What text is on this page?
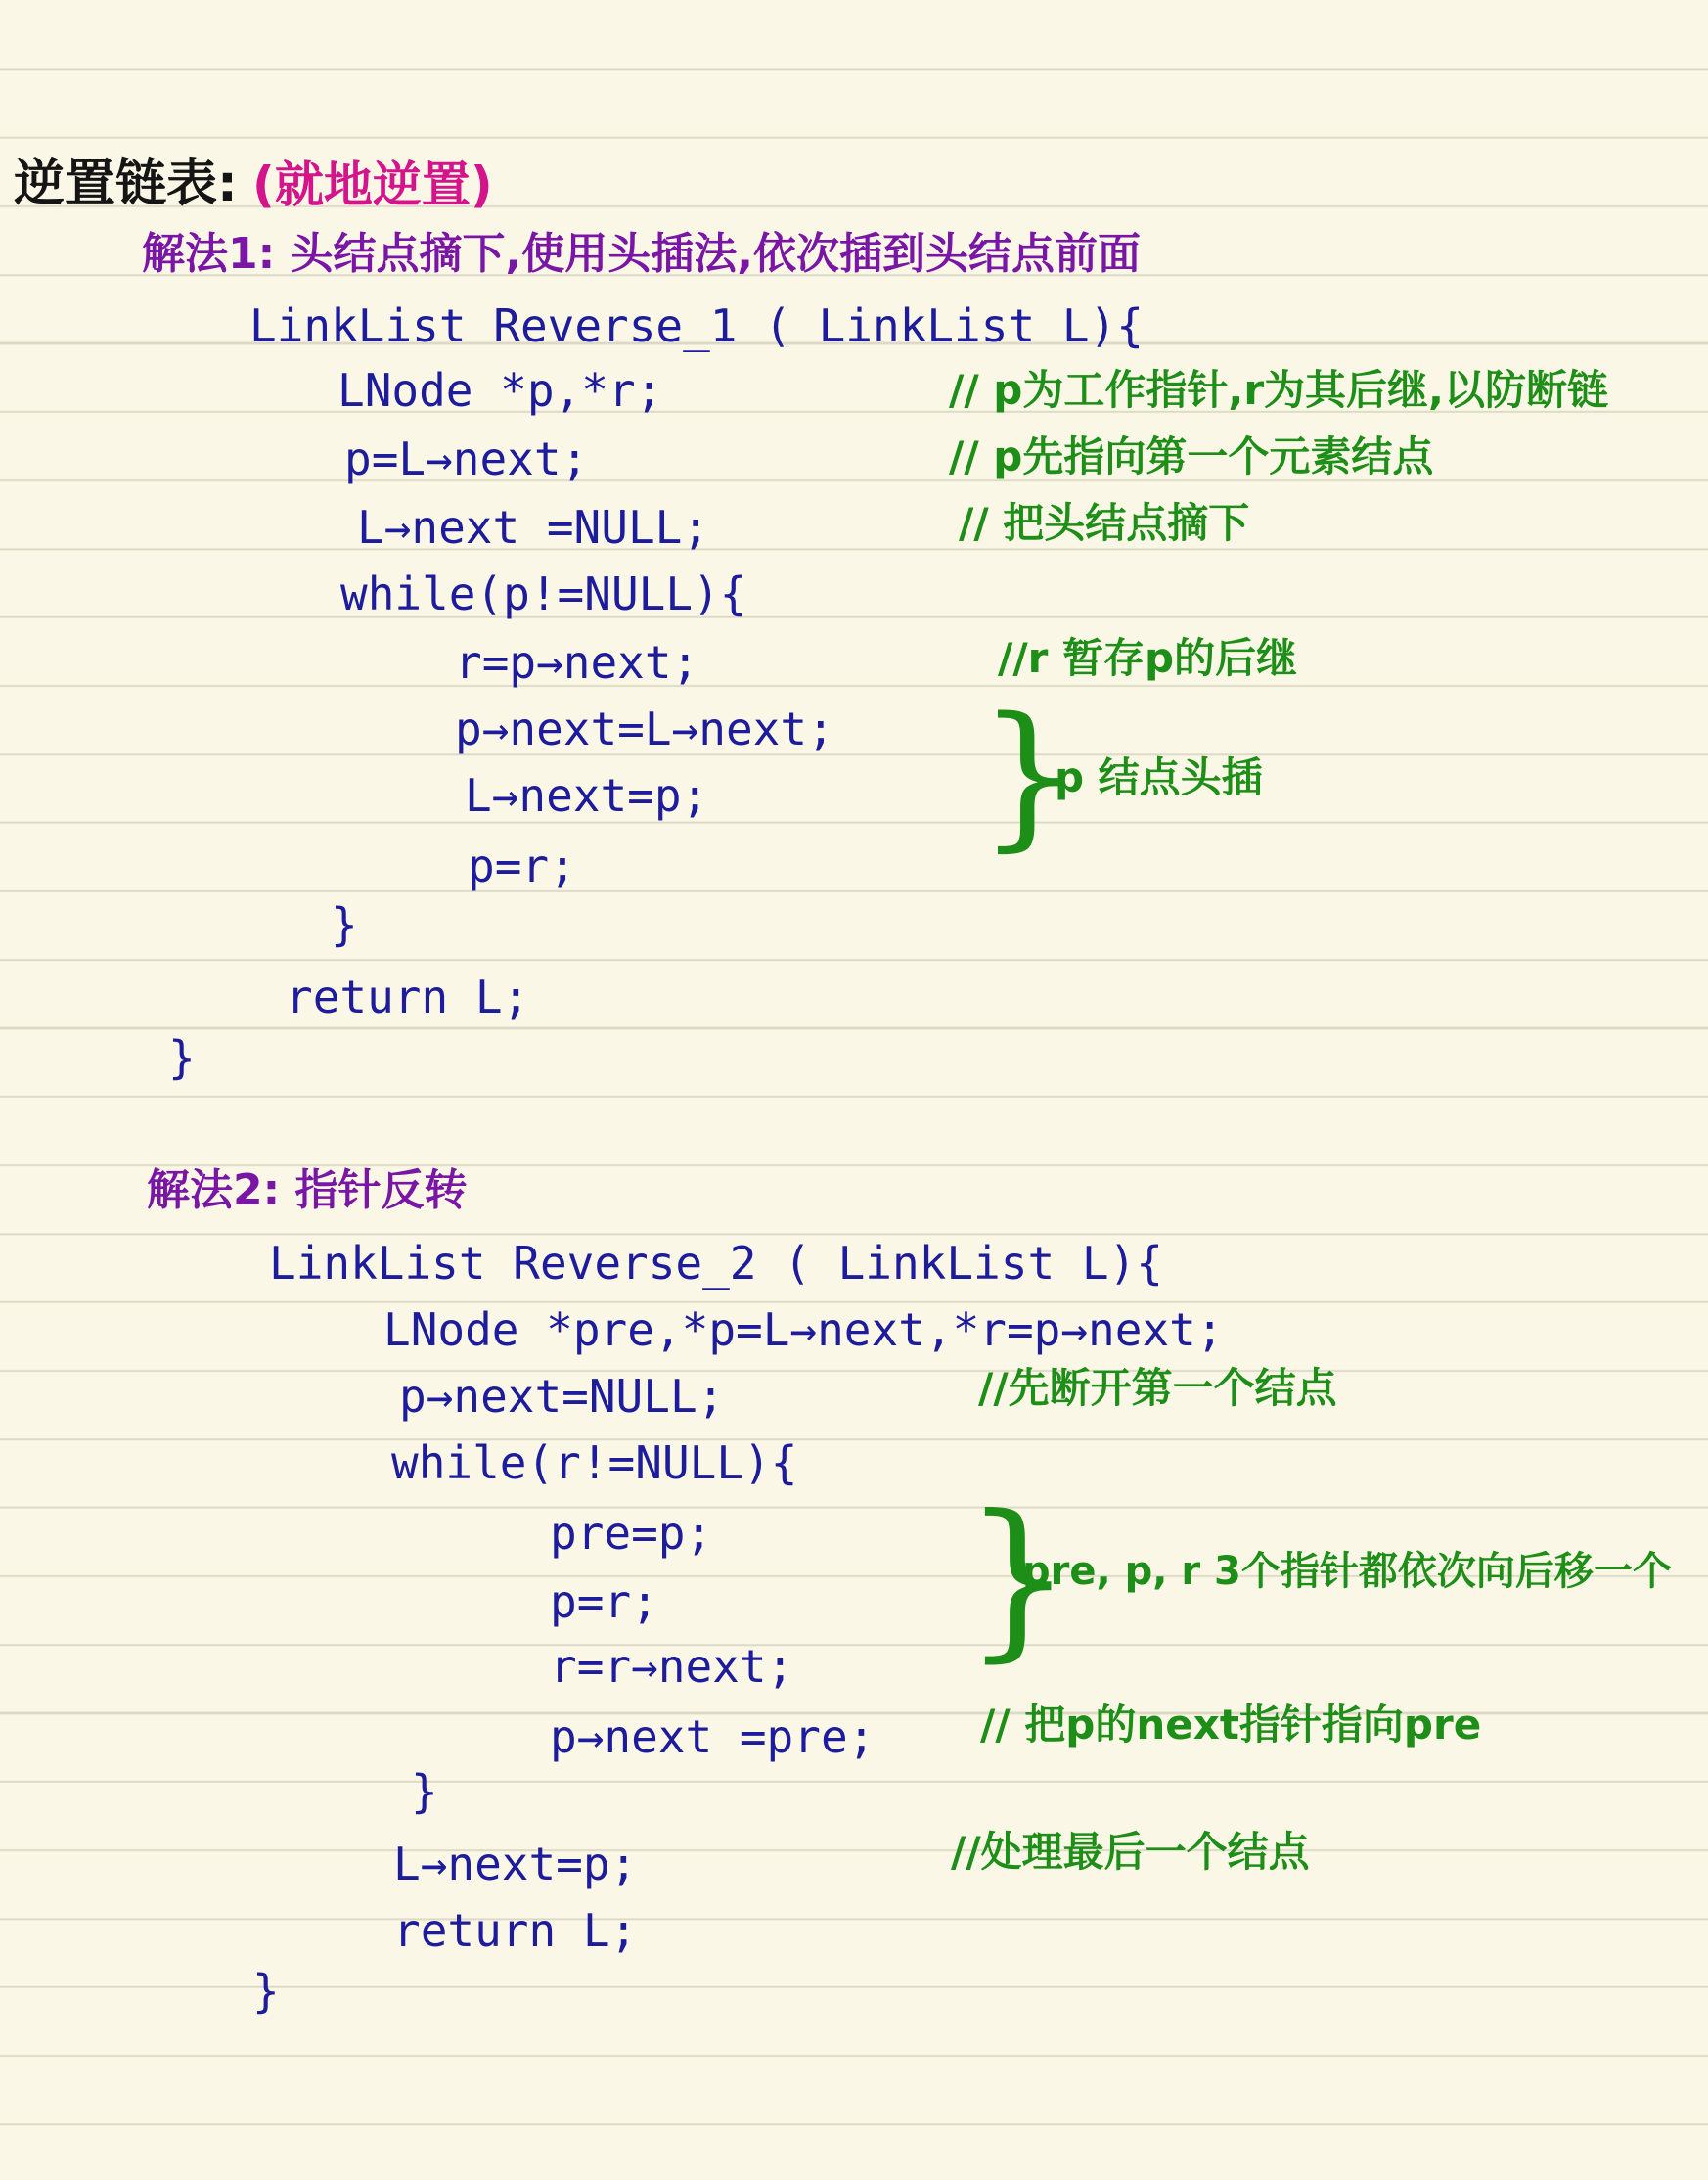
逆置链表: (就地逆置)
解法1: 头结点摘下,使用头插法,依次插到头结点前面
LinkList Reverse_1 ( LinkList L){
LNode *p,*r;
p=L→next;
L→next =NULL;
while(p!=NULL){
r=p→next;
p→next=L→next;
L→next=p;
p=r;
}
return L;
}
// p为工作指针,r为其后继,以防断链
// p先指向第一个元素结点
// 把头结点摘下
//r 暂存p的后继
}
p 结点头插
解法2: 指针反转
LinkList Reverse_2 ( LinkList L){
LNode *pre,*p=L→next,*r=p→next;
p→next=NULL;
while(r!=NULL){
pre=p;
p=r;
r=r→next;
p→next =pre;
}
L→next=p;
return L;
}
//先断开第一个结点
}
pre, p, r 3个指针都依次向后移一个
// 把p的next指针指向pre
//处理最后一个结点
